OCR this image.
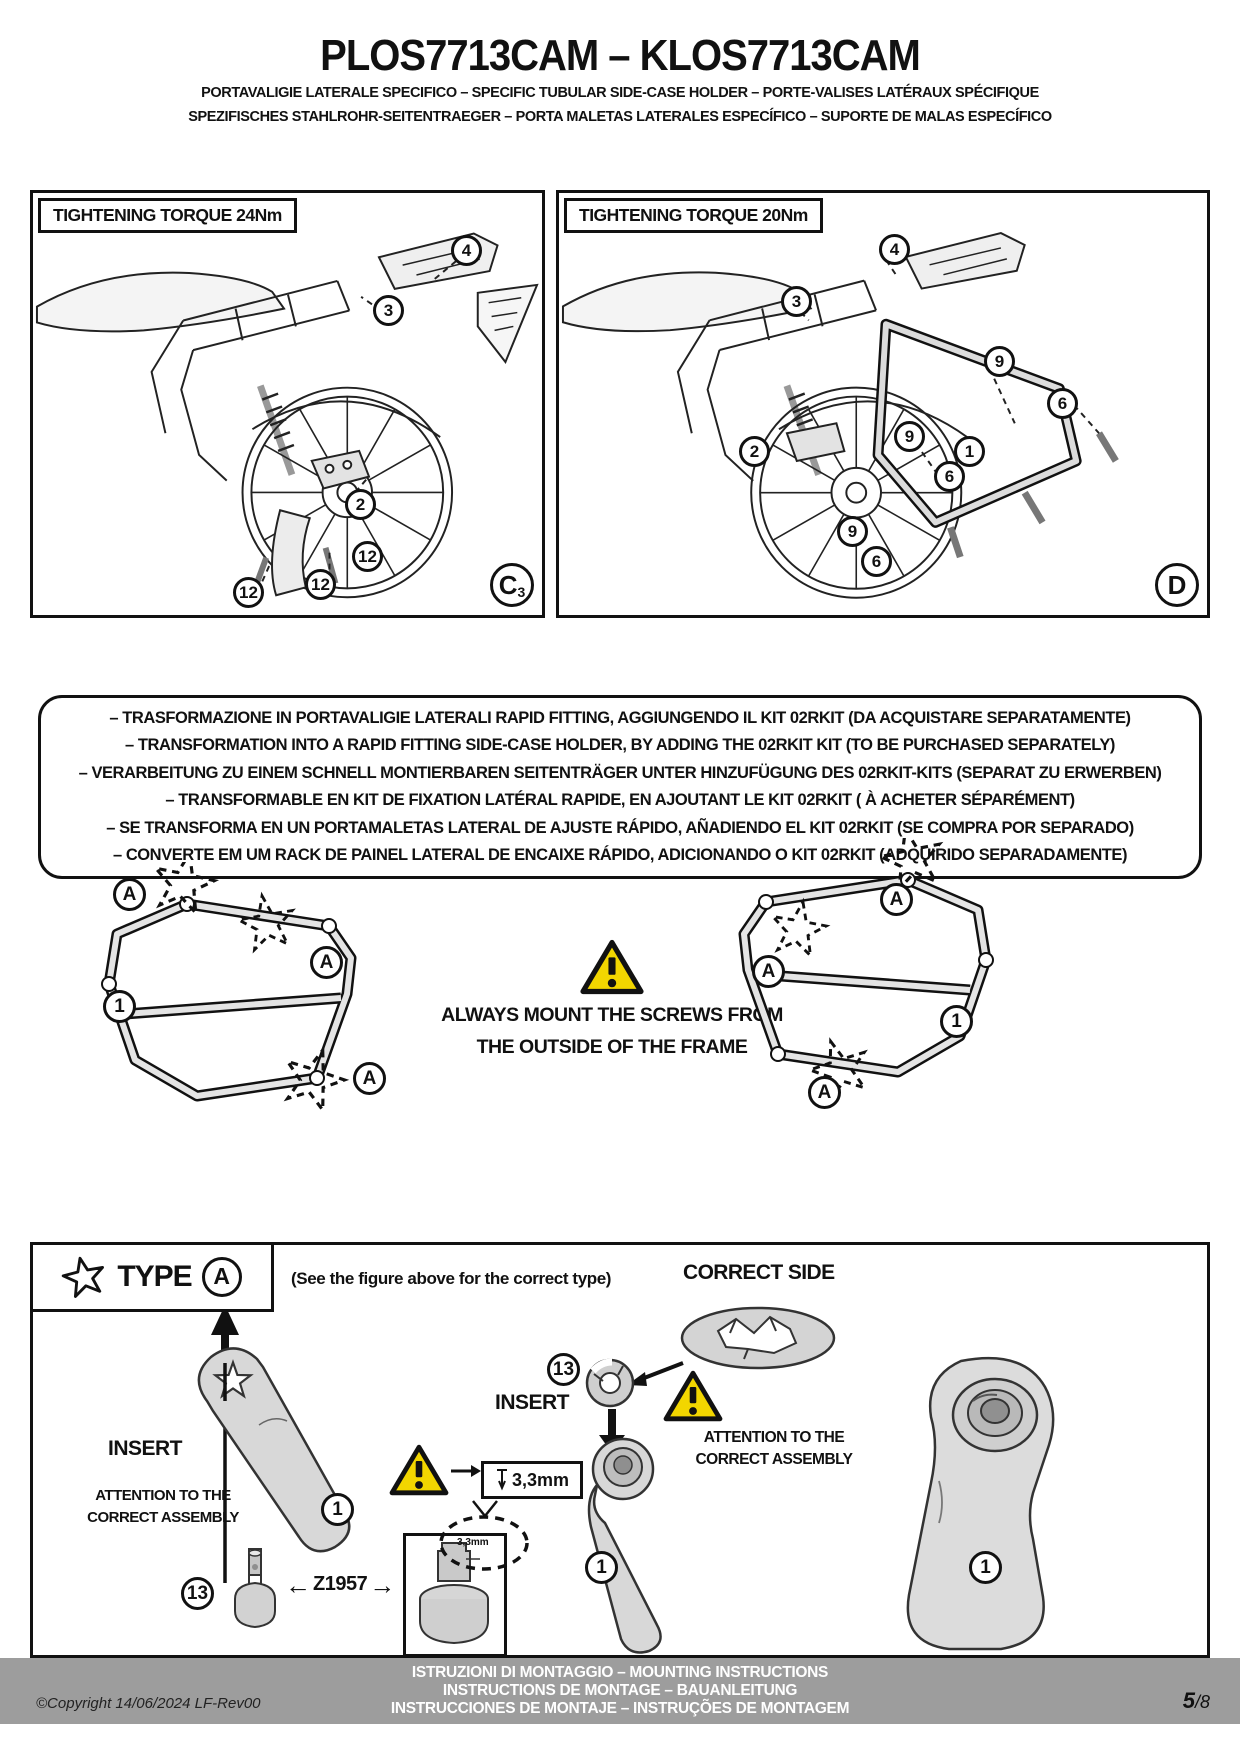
PLOS7713CAM – KLOS7713CAM
PORTAVALIGIE LATERALE SPECIFICO – SPECIFIC TUBULAR SIDE-CASE HOLDER – PORTE-VALISES LATÉRAUX SPÉCIFIQUE
SPEZIFISCHES STAHLROHR-SEITENTRAEGER – PORTA MALETAS LATERALES ESPECÍFICO – SUPORTE DE MALAS ESPECÍFICO
TIGHTENING TORQUE 24Nm
4
3
2
12	12
12
C 3
TIGHTENING TORQUE 20Nm
4
3
2
9
9
9
6
6
6
1
D

– TRASFORMAZIONE IN PORTAVALIGIE LATERALI RAPID FITTING, AGGIUNGENDO IL KIT 02RKIT (DA ACQUISTARE SEPARATAMENTE)

– TRANSFORMATION INTO A RAPID FITTING SIDE-CASE HOLDER, BY ADDING THE 02RKIT KIT (TO BE PURCHASED SEPARATELY)

– VERARBEITUNG ZU EINEM SCHNELL MONTIERBAREN SEITENTRÄGER UNTER HINZUFÜGUNG DES 02RKIT-KITS (SEPARAT ZU ERWERBEN)

– TRANSFORMABLE EN KIT DE FIXATION LATÉRAL RAPIDE, EN AJOUTANT LE KIT 02RKIT ( À ACHETER SÉPARÉMENT)

– SE TRANSFORMA EN UN PORTAMALETAS LATERAL DE AJUSTE RÁPIDO, AÑADIENDO EL KIT 02RKIT (SE COMPRA POR SEPARADO)

– CONVERTE EM UM RACK DE PAINEL LATERAL DE ENCAIXE RÁPIDO, ADICIONANDO O KIT 02RKIT (ADQUIRIDO SEPARADAMENTE)

A
A
A
1	ALWAYS MOUNT THE SCREWS FROM
THE OUTSIDE OF THE FRAME
A
A
A
1
TYPE A	(See the figure above for the correct type)	CORRECT SIDE
INSERT
ATTENTION TO THE
CORRECT ASSEMBLY	1
13	← Z1957 →
3,3mm
3,3mm
13
INSERT
1
ATTENTION TO THE
CORRECT ASSEMBLY
1
©Copyright 14/06/2024 LF-Rev00
ISTRUZIONI DI MONTAGGIO – MOUNTING INSTRUCTIONS
INSTRUCTIONS DE MONTAGE – BAUANLEITUNG
INSTRUCCIONES DE MONTAJE – INSTRUÇÕES DE MONTAGEM	5/8
